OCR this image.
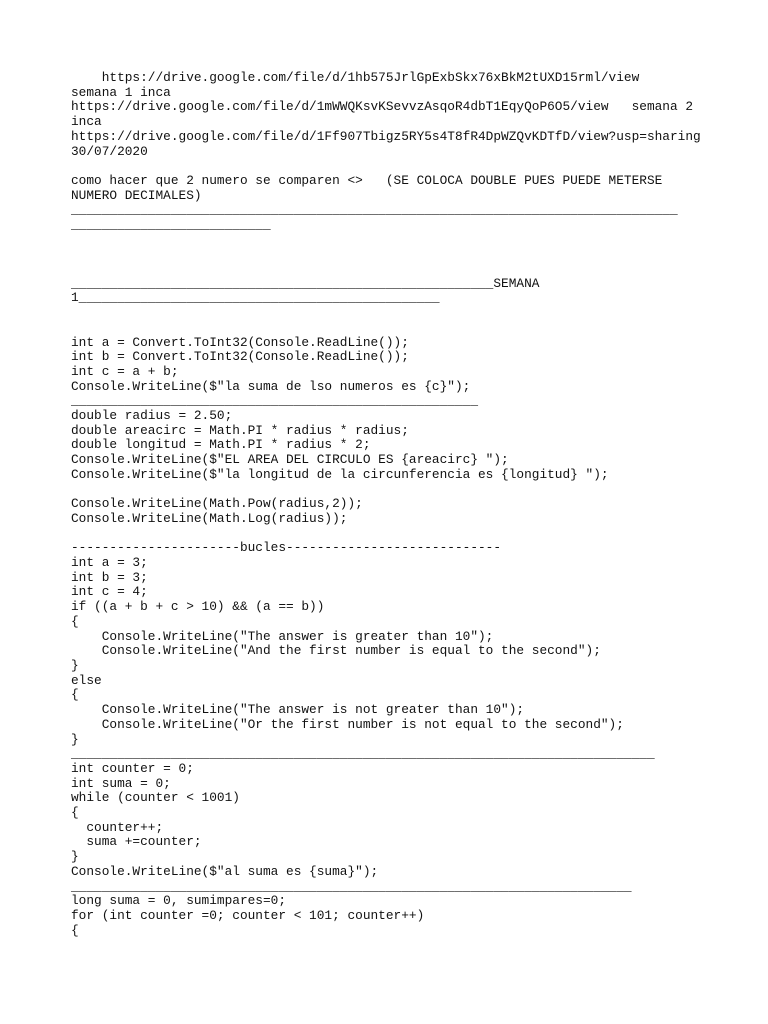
https://drive.google.com/file/d/1hb575JrlGpExbSkx76xBkM2tUXD15rml/view
semana 1 inca
https://drive.google.com/file/d/1mWWQKsvKSevvzAsqoR4dbT1EqyQoP6O5/view   semana 2
inca
https://drive.google.com/file/d/1Ff907Tbigz5RY5s4T8fR4DpWZQvKDTfD/view?usp=sharing
30/07/2020
como hacer que 2 numero se comparen <>   (SE COLOCA DOUBLE PUES PUEDE METERSE
NUMERO DECIMALES)
_______________________________________________________________________________
__________________________
_______________________________________________________SEMANA
1_______________________________________________
int a = Convert.ToInt32(Console.ReadLine());
int b = Convert.ToInt32(Console.ReadLine());
int c = a + b;
Console.WriteLine($"la suma de lso numeros es {c}");
_____________________________________________________
double radius = 2.50;
double areacirc = Math.PI * radius * radius;
double longitud = Math.PI * radius * 2;
Console.WriteLine($"EL AREA DEL CIRCULO ES {areacirc} ");
Console.WriteLine($"la longitud de la circunferencia es {longitud} ");
Console.WriteLine(Math.Pow(radius,2));
Console.WriteLine(Math.Log(radius));
----------------------bucles----------------------------
int a = 3;
int b = 3;
int c = 4;
if ((a + b + c > 10) && (a == b))
{
Console.WriteLine("The answer is greater than 10");
Console.WriteLine("And the first number is equal to the second");
}
else
{
Console.WriteLine("The answer is not greater than 10");
Console.WriteLine("Or the first number is not equal to the second");
}
____________________________________________________________________________
int counter = 0;
int suma = 0;
while (counter < 1001)
{
counter++;
suma +=counter;
}
Console.WriteLine($"al suma es {suma}");
_________________________________________________________________________
long suma = 0, sumimpares=0;
for (int counter =0; counter < 101; counter++)
{
